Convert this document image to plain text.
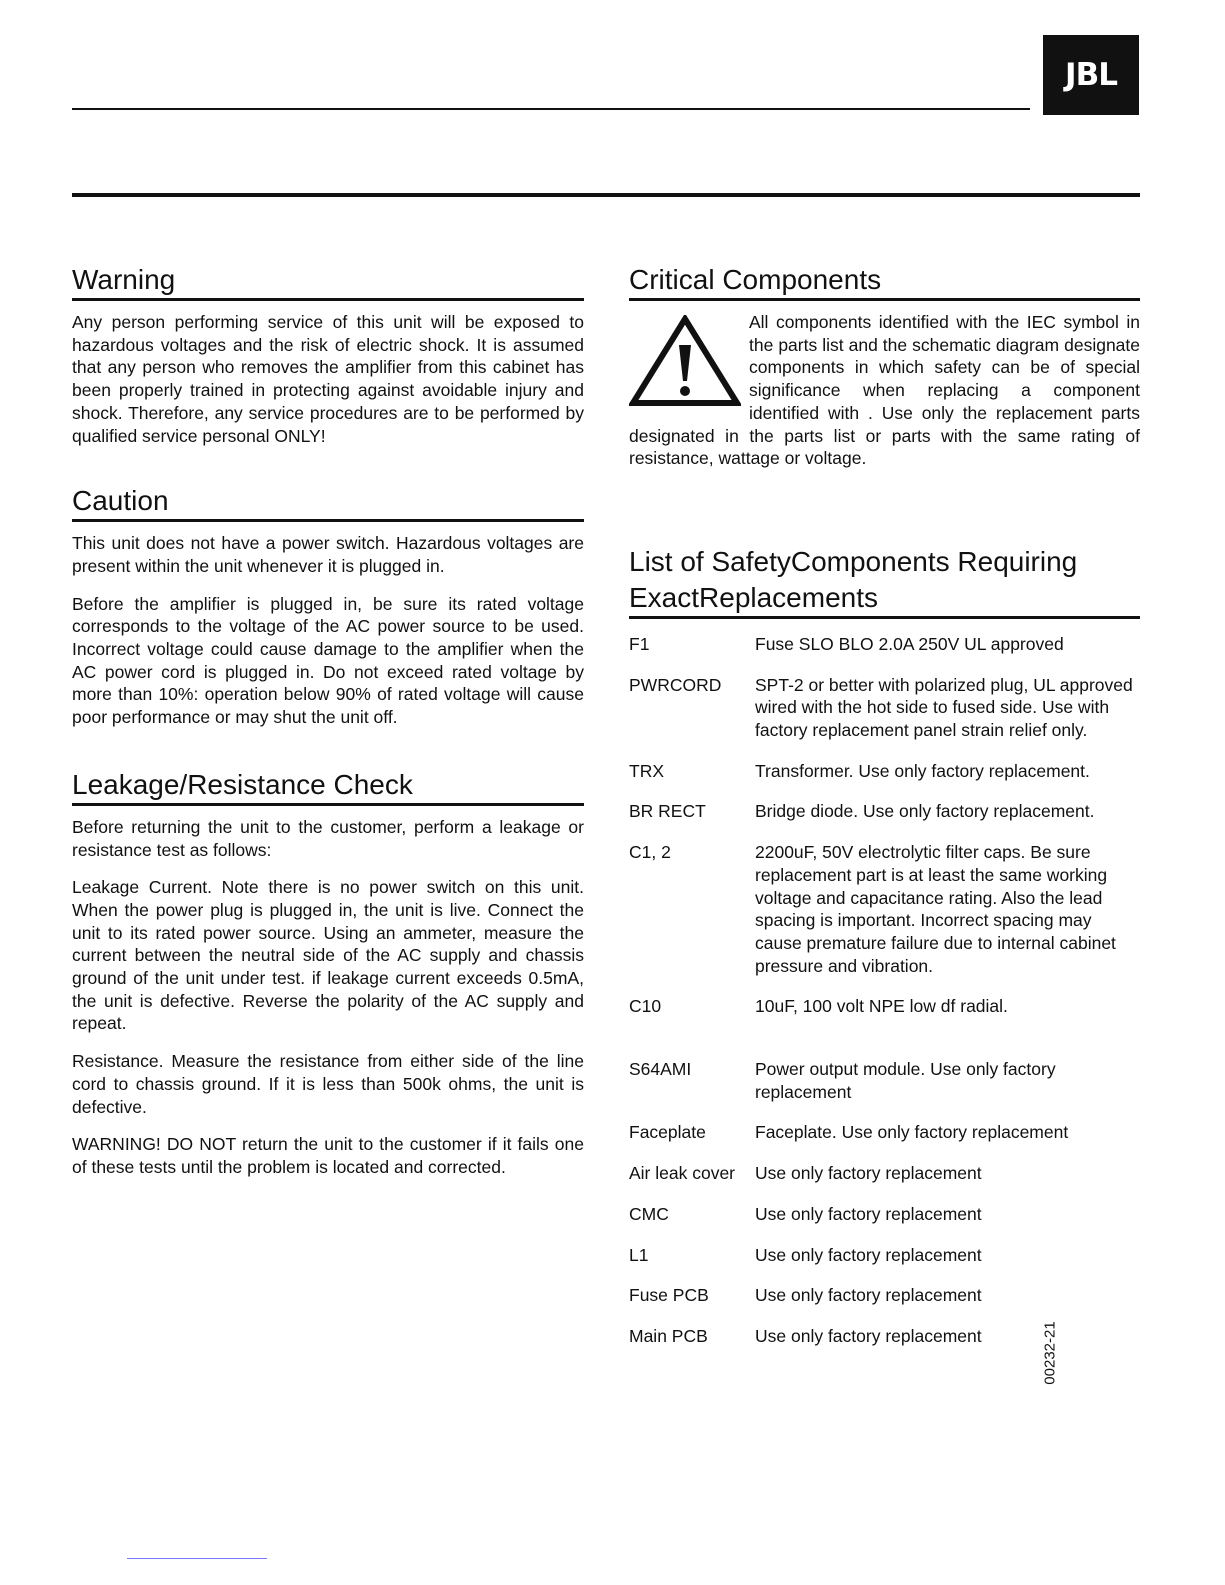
JBL
Warning

Any person performing service of this unit will be exposed to hazardous voltages and the risk of electric shock. It is assumed that any person who removes the amplifier from this cabinet has been properly trained in protecting against avoidable injury and shock. Therefore, any service procedures are to be performed by qualified service personal ONLY!

Caution

This unit does not have a power switch. Hazardous voltages are present within the unit whenever it is plugged in.

Before the amplifier is plugged in, be sure its rated voltage corresponds to the voltage of the AC power source to be used. Incorrect voltage could cause damage to the amplifier when the AC power cord is plugged in. Do not exceed rated voltage by more than 10%: operation below 90% of rated voltage will cause poor performance or may shut the unit off.

Leakage/Resistance Check

Before returning the unit to the customer, perform a leakage or resistance test as follows:

Leakage Current. Note there is no power switch on this unit. When the power plug is plugged in, the unit is live. Connect the unit to its rated power source. Using an ammeter, measure the current between the neutral side of the AC supply and chassis ground of the unit under test. if leakage current exceeds 0.5mA, the unit is defective. Reverse the polarity of the AC supply and repeat.

Resistance. Measure the resistance from either side of the line cord to chassis ground. If it is less than 500k ohms, the unit is defective.

WARNING! DO NOT return the unit to the customer if it fails one of these tests until the problem is located and corrected.

Critical Components
All components identified with the IEC symbol in the parts list and the schematic diagram designate components in which safety can be of special significance when replacing a component identified with . Use only the replacement parts designated in the parts list or parts with the same rating of resistance, wattage or voltage.
List of SafetyComponents Requiring
ExactReplacements
F1	Fuse SLO BLO 2.0A 250V UL approved
PWRCORD	SPT-2 or better with polarized plug, UL approved wired with the hot side to fused side. Use with factory replacement panel strain relief only.
TRX	Transformer. Use only factory replacement.
BR RECT	Bridge diode. Use only factory replacement.
C1, 2	2200uF, 50V electrolytic filter caps. Be sure replacement part is at least the same working voltage and capacitance rating. Also the lead spacing is important. Incorrect spacing may cause premature failure due to internal cabinet pressure and vibration.
C10	10uF, 100 volt NPE low df radial.
S64AMI	Power output module. Use only factory replacement
Faceplate	Faceplate. Use only factory replacement
Air leak cover	Use only factory replacement
CMC	Use only factory replacement
L1	Use only factory replacement
Fuse PCB	Use only factory replacement
Main PCB	Use only factory replacement	00232-21
